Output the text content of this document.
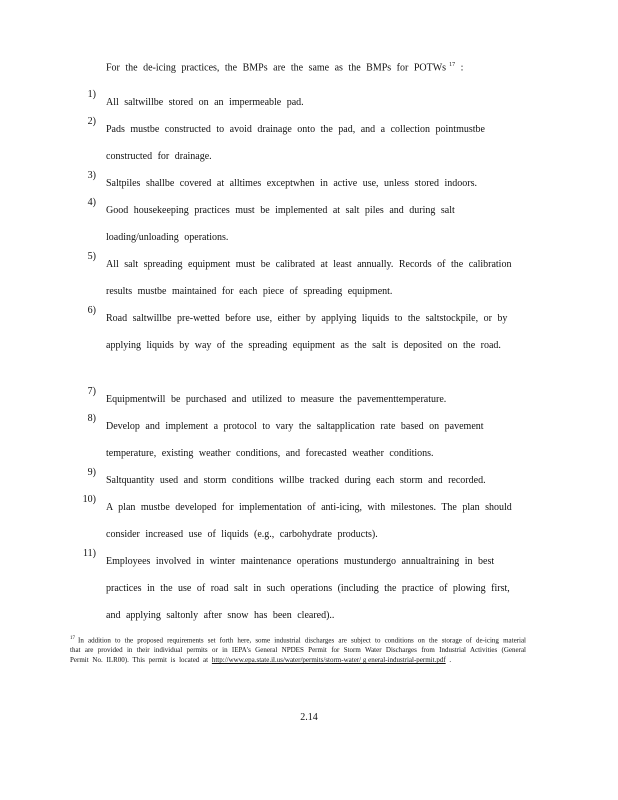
For the de-icing practices, the BMPs are the same as the BMPs for POTWs $^{17}$ :
1)
All saltwillbe stored on an impermeable pad.
2)
Pads mustbe constructed to avoid drainage onto the pad, and a collection pointmustbe constructed for drainage.
3)
Saltpiles shallbe covered at alltimes exceptwhen in active use, unless stored indoors.
4)
Good housekeeping practices must be implemented at salt piles and during salt loading/unloading operations.
5)
All salt spreading equipment must be calibrated at least annually. Records of the calibration results mustbe maintained for each piece of spreading equipment.
6)
Road saltwillbe pre-wetted before use, either by applying liquids to the saltstockpile, or by applying liquids by way of the spreading equipment as the salt is deposited on the road.
7)
Equipmentwill be purchased and utilized to measure the pavementtemperature.
8)
Develop and implement a protocol to vary the saltapplication rate based on pavement temperature, existing weather conditions, and forecasted weather conditions.
9)
Saltquantity used and storm conditions willbe tracked during each storm and recorded.
10)
A plan mustbe developed for implementation of anti-icing, with milestones. The plan should consider increased use of liquids (e.g., carbohydrate products).
11)
Employees involved in winter maintenance operations mustundergo annualtraining in best practices in the use of road salt in such operations (including the practice of plowing first, and applying saltonly after snow has been cleared)..
$^{17}$ In addition to the proposed requirements set forth here, some industrial discharges are subject to conditions on the storage of de-icing material that are provided in their individual permits or in IEPA's General NPDES Permit for Storm Water Discharges from Industrial Activities (General Permit No. ILR00). This permit is located at http://www.epa.state.il.us/water/permits/storm-water/ g eneral-industrial-permit.pdf .
2.14
